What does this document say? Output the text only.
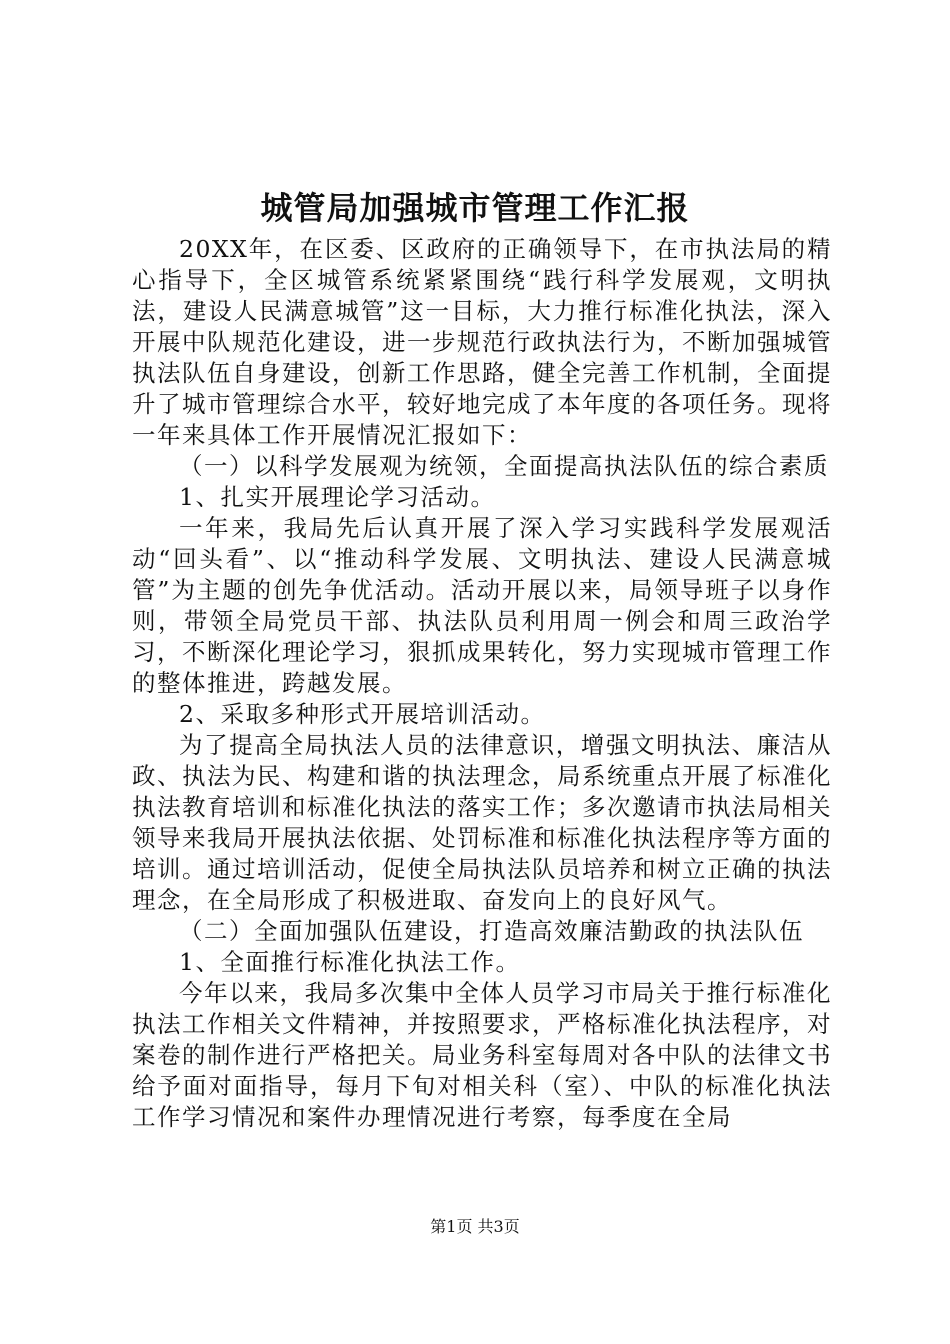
城管局加强城市管理工作汇报

20XX年，在区委、区政府的正确领导下，在市执法局的精心指导下，全区城管系统紧紧围绕“践行科学发展观，文明执法，建设人民满意城管”这一目标，大力推行标准化执法，深入开展中队规范化建设，进一步规范行政执法行为，不断加强城管执法队伍自身建设，创新工作思路，健全完善工作机制，全面提升了城市管理综合水平，较好地完成了本年度的各项任务。现将一年来具体工作开展情况汇报如下：

（一）以科学发展观为统领，全面提高执法队伍的综合素质

1、扎实开展理论学习活动。

一年来，我局先后认真开展了深入学习实践科学发展观活动“回头看”、以“推动科学发展、文明执法、建设人民满意城管”为主题的创先争优活动。活动开展以来，局领导班子以身作则，带领全局党员干部、执法队员利用周一例会和周三政治学习，不断深化理论学习，狠抓成果转化，努力实现城市管理工作的整体推进，跨越发展。

2、采取多种形式开展培训活动。

为了提高全局执法人员的法律意识，增强文明执法、廉洁从政、执法为民、构建和谐的执法理念，局系统重点开展了标准化执法教育培训和标准化执法的落实工作；多次邀请市执法局相关领导来我局开展执法依据、处罚标准和标准化执法程序等方面的培训。通过培训活动，促使全局执法队员培养和树立正确的执法理念，在全局形成了积极进取、奋发向上的良好风气。

（二）全面加强队伍建设，打造高效廉洁勤政的执法队伍

1、全面推行标准化执法工作。

今年以来，我局多次集中全体人员学习市局关于推行标准化执法工作相关文件精神，并按照要求，严格标准化执法程序，对案卷的制作进行严格把关。局业务科室每周对各中队的法律文书给予面对面指导，每月下旬对相关科（室）、中队的标准化执法工作学习情况和案件办理情况进行考察，每季度在全局

第1页 共3页
